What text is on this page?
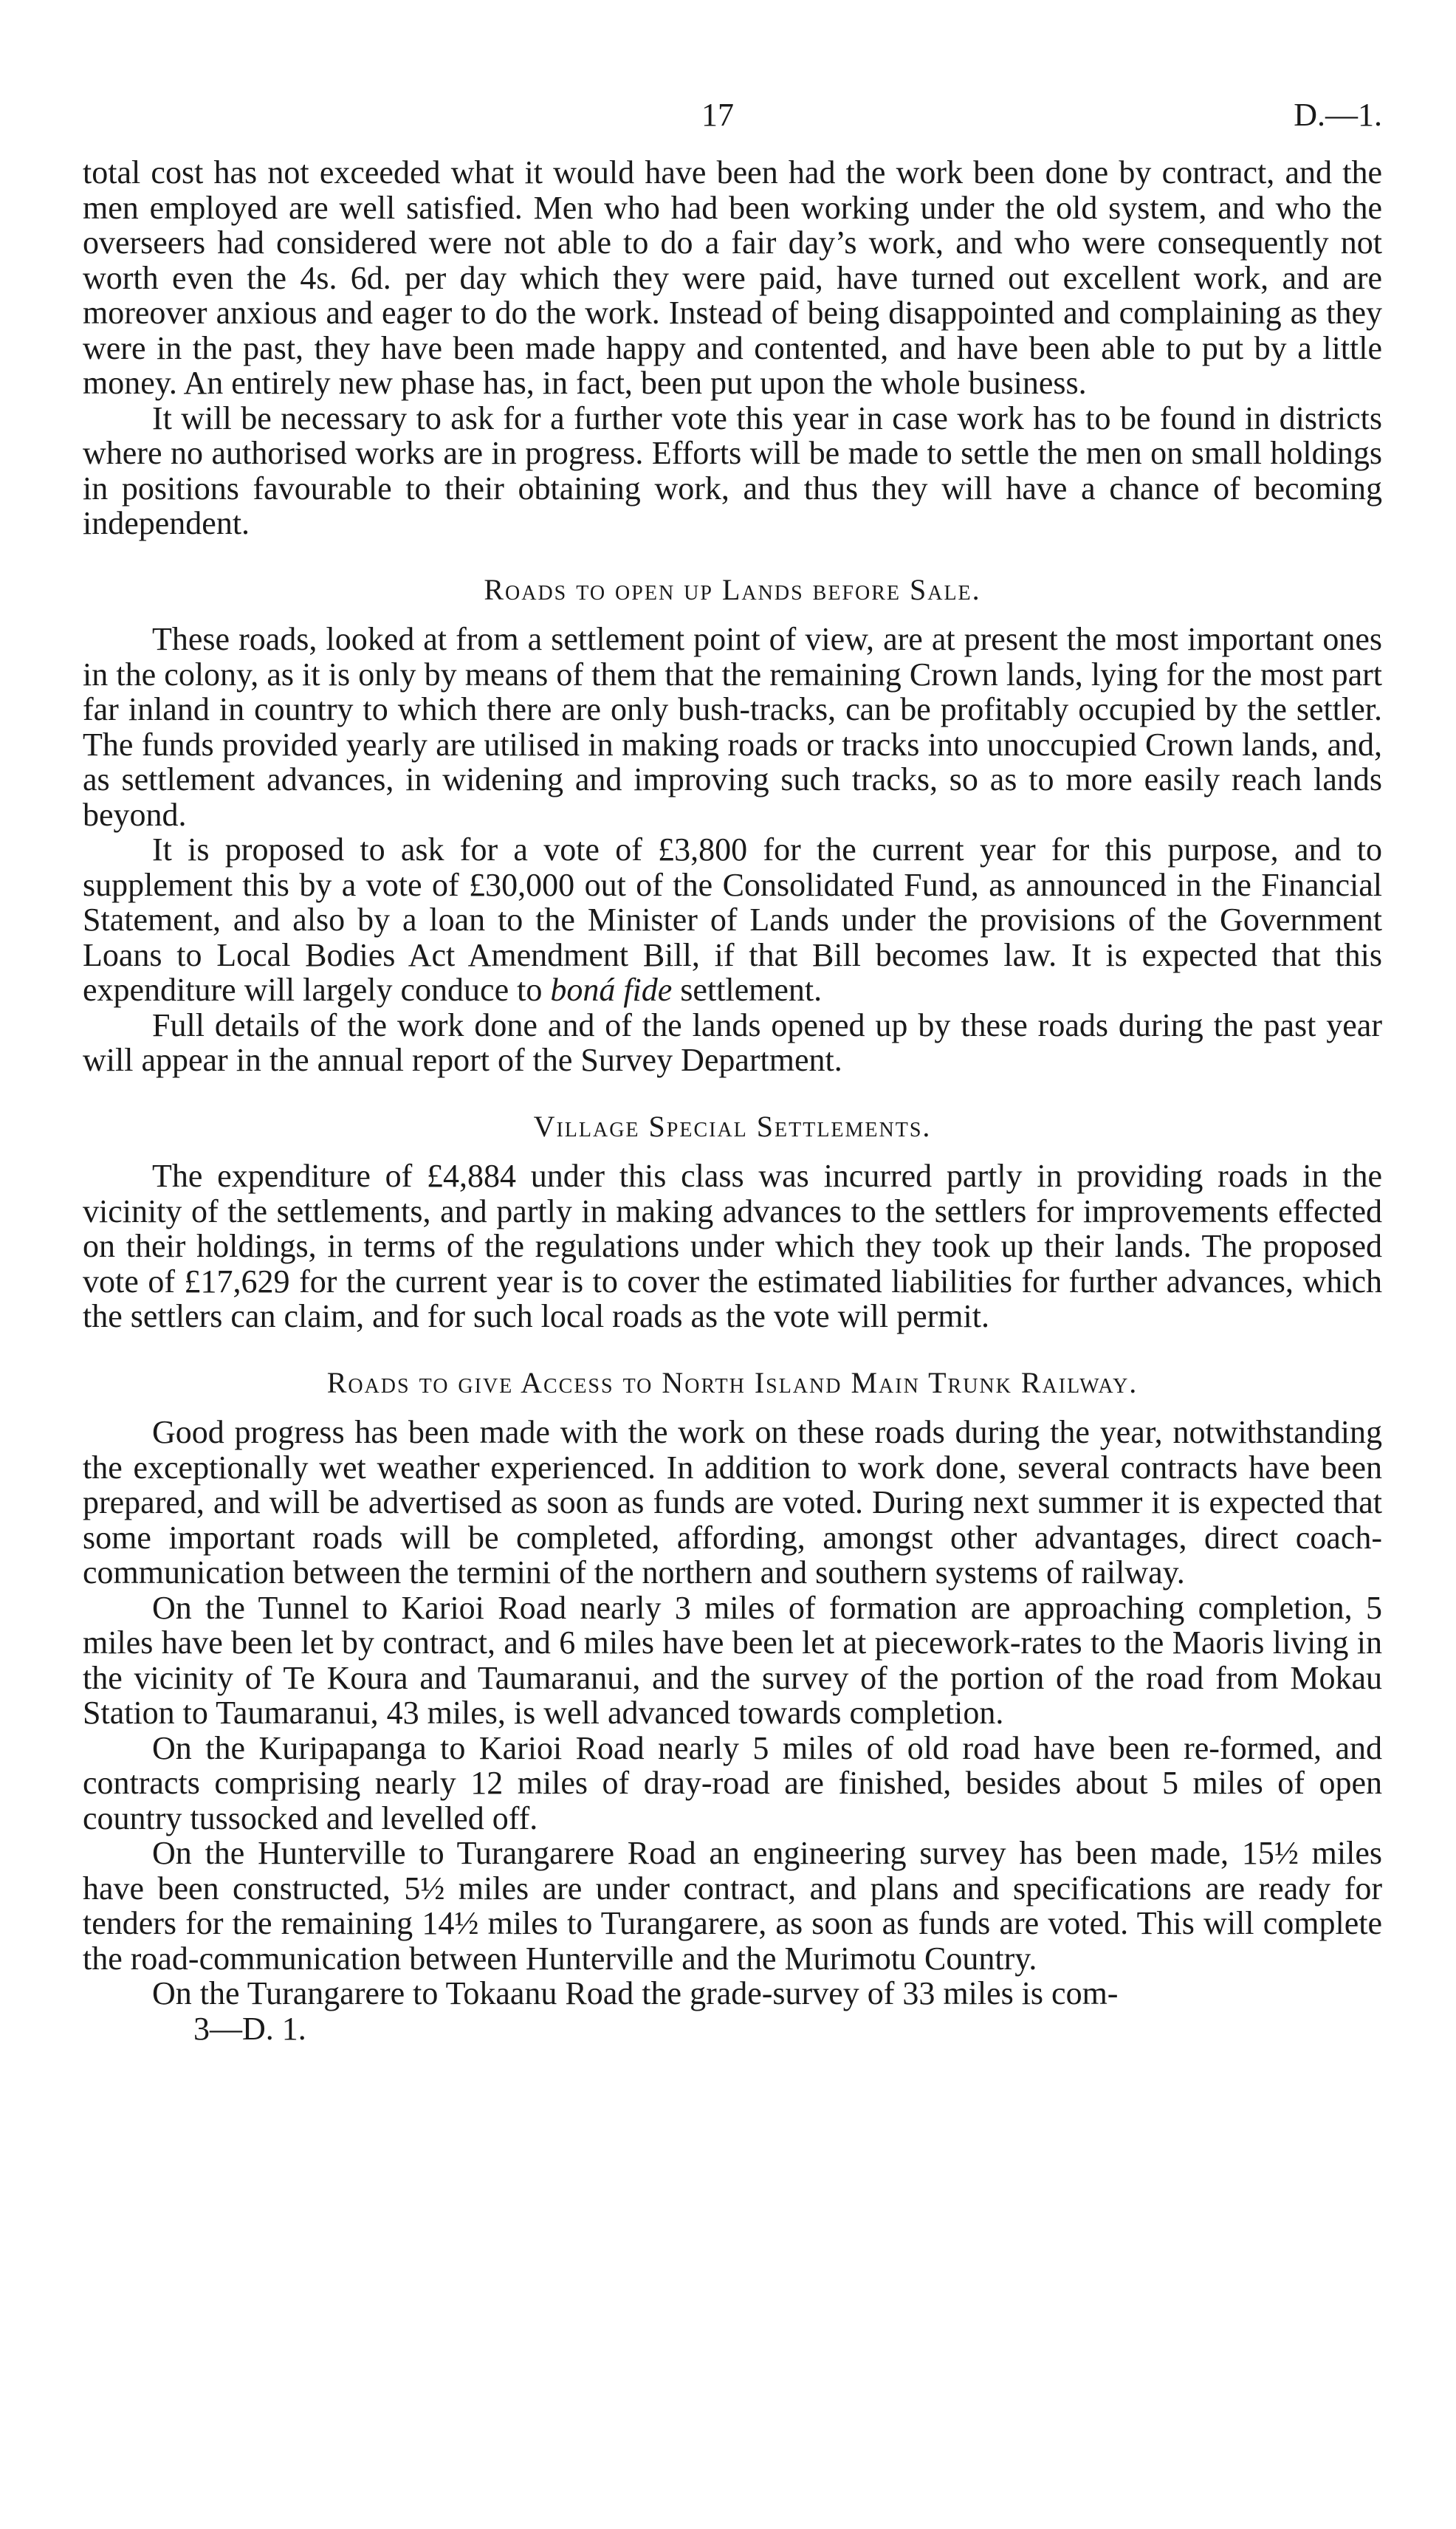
17	D.—1.

total cost has not exceeded what it would have been had the work been done by contract, and the men employed are well satisfied. Men who had been working under the old system, and who the overseers had considered were not able to do a fair day’s work, and who were consequently not worth even the 4s. 6d. per day which they were paid, have turned out excellent work, and are moreover anxious and eager to do the work. Instead of being disappointed and complaining as they were in the past, they have been made happy and contented, and have been able to put by a little money. An entirely new phase has, in fact, been put upon the whole business.

It will be necessary to ask for a further vote this year in case work has to be found in districts where no authorised works are in progress. Efforts will be made to settle the men on small holdings in positions favourable to their obtaining work, and thus they will have a chance of becoming independent.

Roads to open up Lands before Sale.

These roads, looked at from a settlement point of view, are at present the most important ones in the colony, as it is only by means of them that the remaining Crown lands, lying for the most part far inland in country to which there are only bush-tracks, can be profitably occupied by the settler. The funds provided yearly are utilised in making roads or tracks into unoccupied Crown lands, and, as settlement advances, in widening and improving such tracks, so as to more easily reach lands beyond.

It is proposed to ask for a vote of £3,800 for the current year for this purpose, and to supplement this by a vote of £30,000 out of the Consolidated Fund, as announced in the Financial Statement, and also by a loan to the Minister of Lands under the provisions of the Government Loans to Local Bodies Act Amendment Bill, if that Bill becomes law. It is expected that this expenditure will largely conduce to boná fide settlement.

Full details of the work done and of the lands opened up by these roads during the past year will appear in the annual report of the Survey Department.

Village Special Settlements.

The expenditure of £4,884 under this class was incurred partly in providing roads in the vicinity of the settlements, and partly in making advances to the settlers for improvements effected on their holdings, in terms of the regulations under which they took up their lands. The proposed vote of £17,629 for the current year is to cover the estimated liabilities for further advances, which the settlers can claim, and for such local roads as the vote will permit.

Roads to give Access to North Island Main Trunk Railway.

Good progress has been made with the work on these roads during the year, notwithstanding the exceptionally wet weather experienced. In addition to work done, several contracts have been prepared, and will be advertised as soon as funds are voted. During next summer it is expected that some important roads will be completed, affording, amongst other advantages, direct coach-communication between the termini of the northern and southern systems of railway.

On the Tunnel to Karioi Road nearly 3 miles of formation are approaching completion, 5 miles have been let by contract, and 6 miles have been let at piecework-rates to the Maoris living in the vicinity of Te Koura and Taumaranui, and the survey of the portion of the road from Mokau Station to Taumaranui, 43 miles, is well advanced towards completion.

On the Kuripapanga to Karioi Road nearly 5 miles of old road have been re-formed, and contracts comprising nearly 12 miles of dray-road are finished, besides about 5 miles of open country tussocked and levelled off.

On the Hunterville to Turangarere Road an engineering survey has been made, 15½ miles have been constructed, 5½ miles are under contract, and plans and specifications are ready for tenders for the remaining 14½ miles to Turangarere, as soon as funds are voted. This will complete the road-communication between Hunterville and the Murimotu Country.

On the Turangarere to Tokaanu Road the grade-survey of 33 miles is com-

3—D. 1.
